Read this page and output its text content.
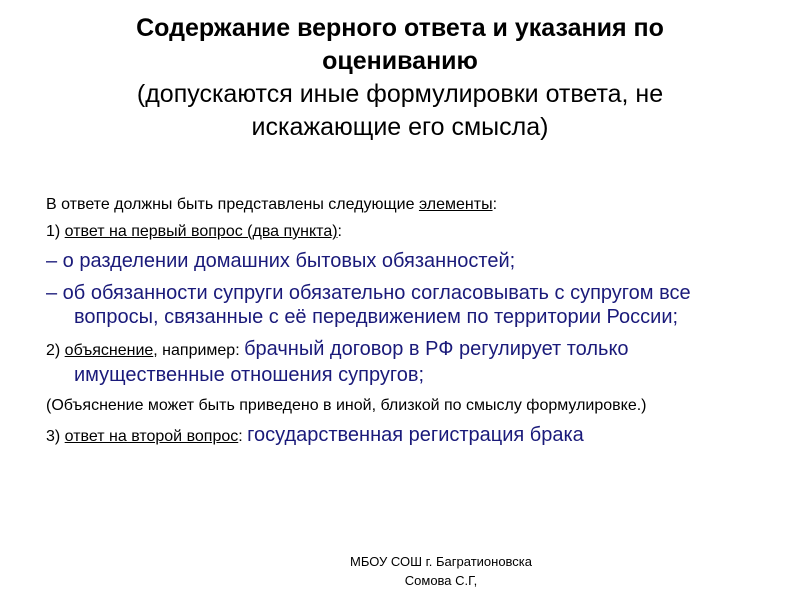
Содержание верного ответа и указания по
оцениванию
(допускаются иные формулировки ответа, не
искажающие его смысла)

В ответе должны быть представлены следующие элементы:

1) ответ на первый вопрос (два пункта):

– о разделении домашних бытовых обязанностей;

– об обязанности супруги обязательно согласовывать с супругом все вопросы, связанные с её передвижением по территории России;

2) объяснение, например: брачный договор в РФ регулирует только имущественные отношения супругов;

(Объяснение может быть приведено в иной, близкой по смыслу формулировке.)

3) ответ на второй вопрос: государственная регистрация брака

МБОУ СОШ г. Багратионовска
Сомова С.Г,
